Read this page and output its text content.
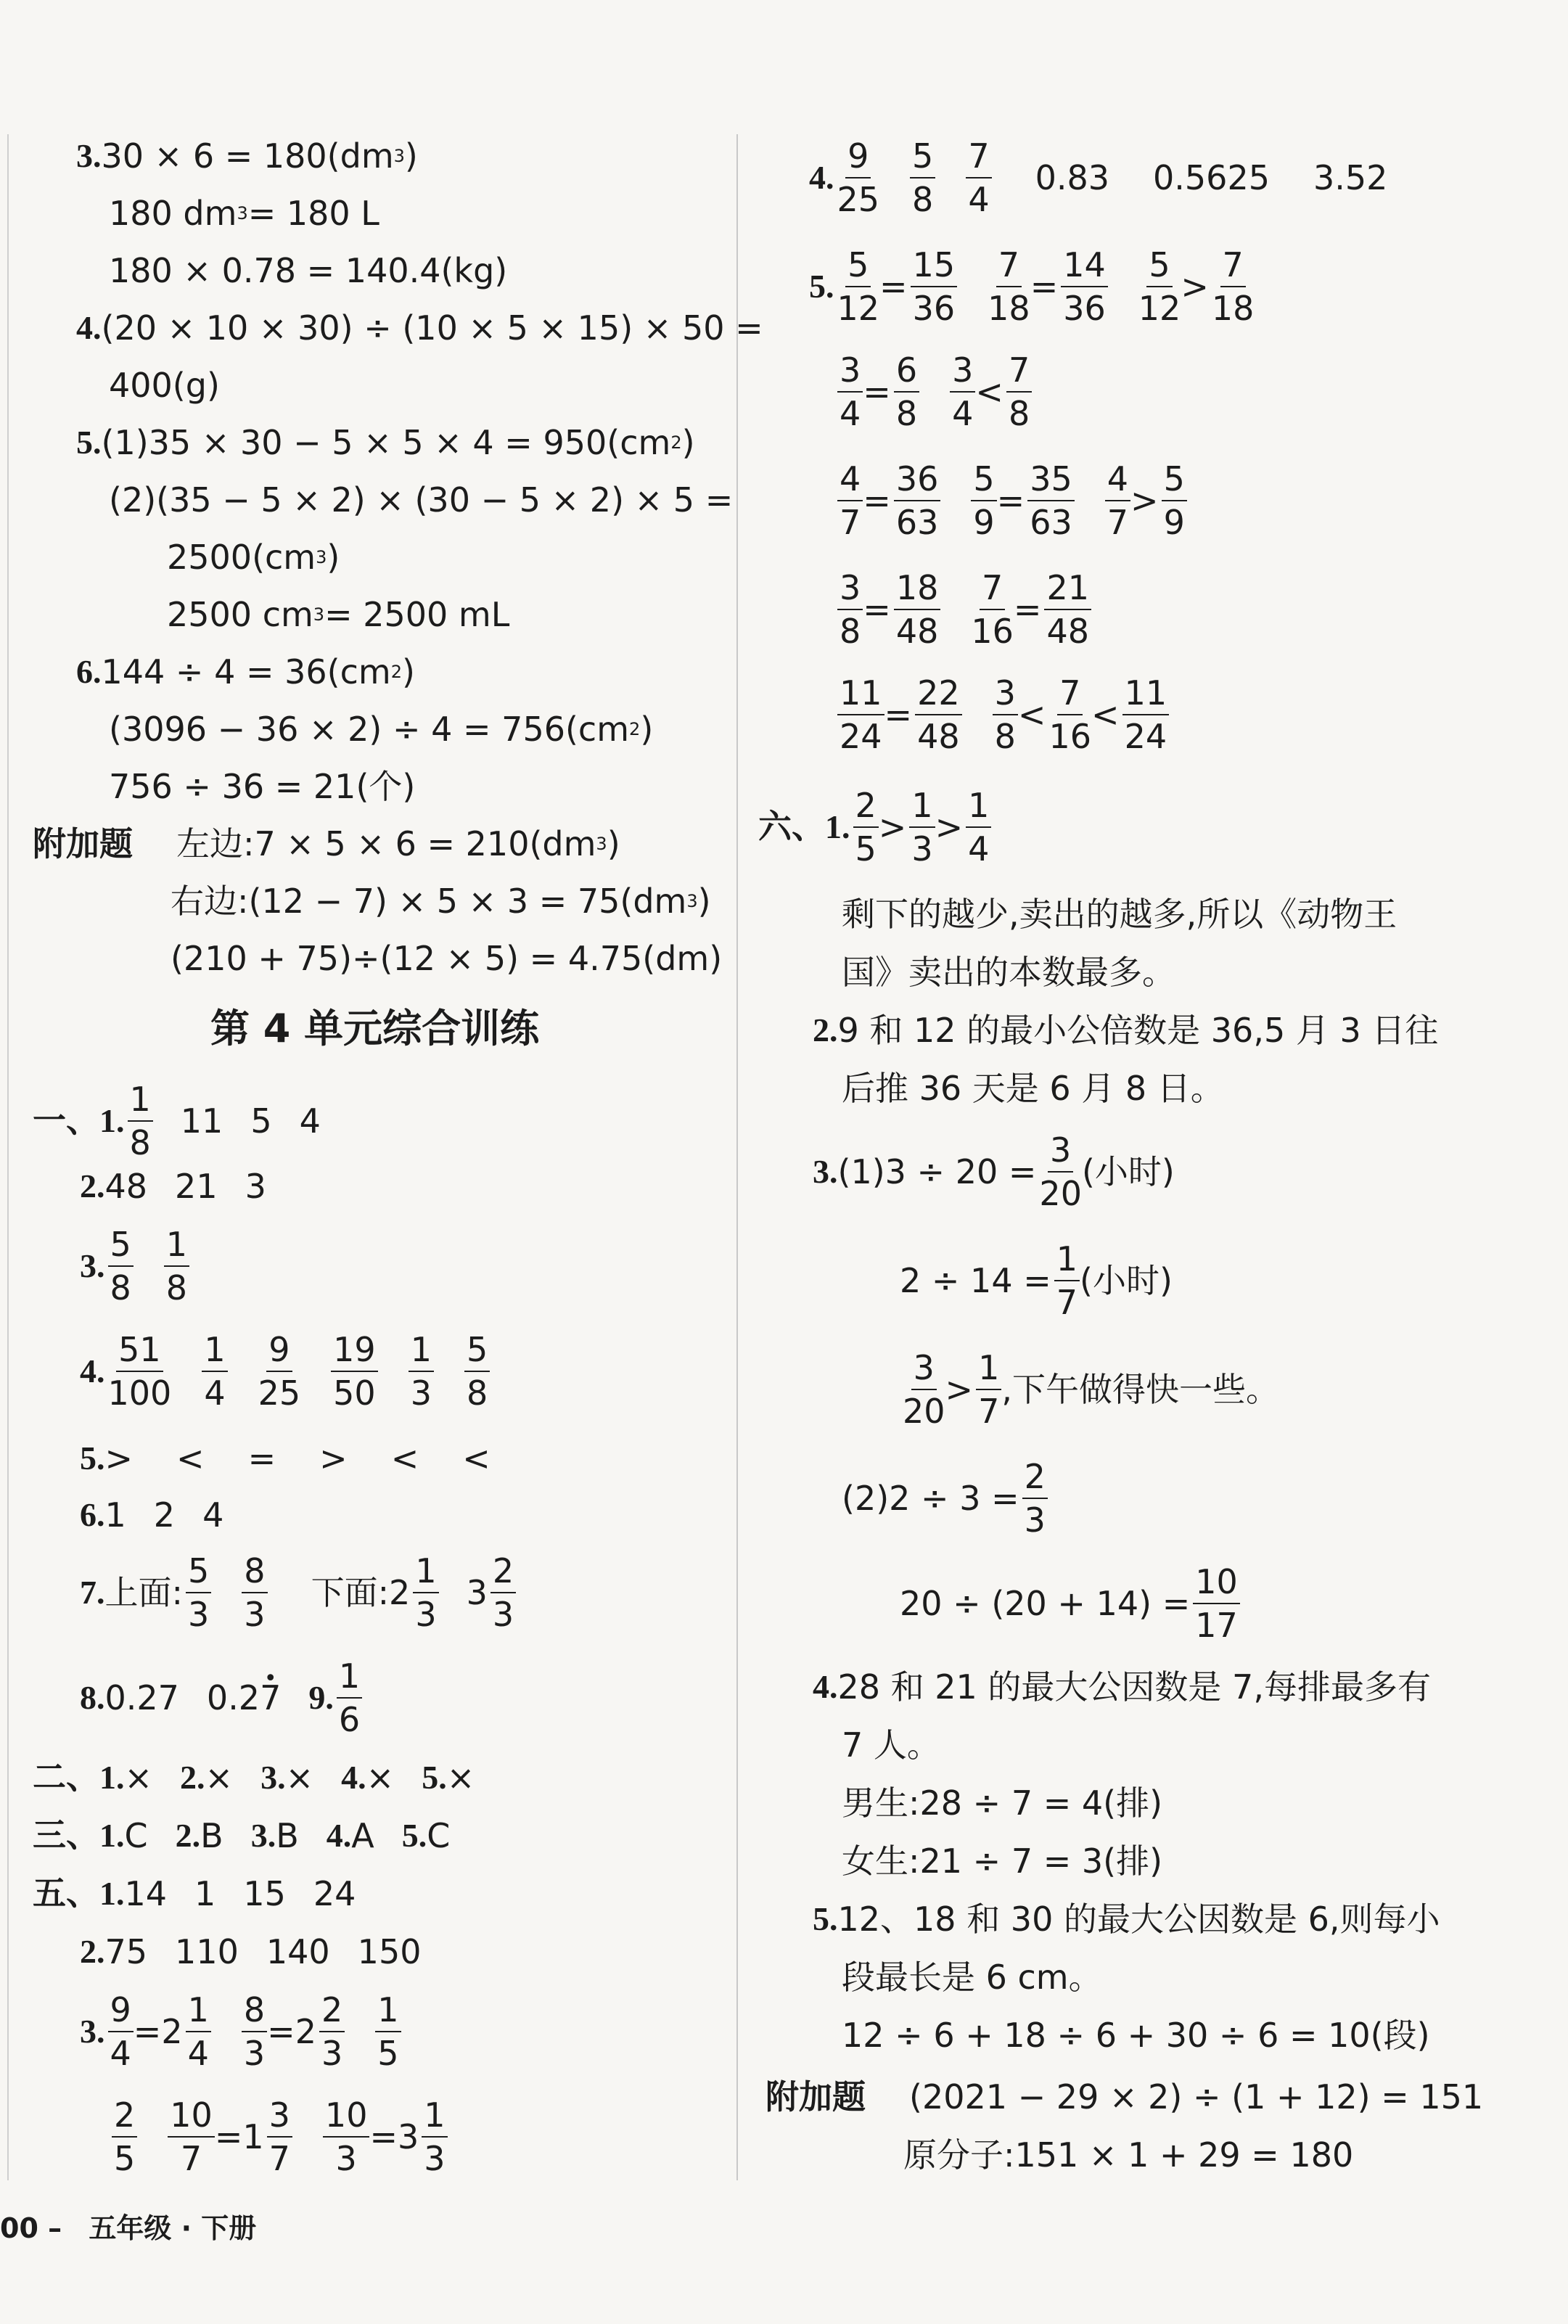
3. 30 × 6 = 180(dm 3 )
180 dm 3 = 180 L
180 × 0.78 = 140.4(kg)
4. (20 × 10 × 30) ÷ (10 × 5 × 15) × 50 =
400(g)
5. (1)35 × 30 − 5 × 5 × 4 = 950(cm 2 )
(2)(35 − 5 × 2) × (30 − 5 × 2) × 5 =
2500(cm 3 )
2500 cm 3 = 2500 mL
6. 144 ÷ 4 = 36(cm 2 )
(3096 − 36 × 2) ÷ 4 = 756(cm 2 )
756 ÷ 36 = 21(个)
附加题 左边:7 × 5 × 6 = 210(dm 3 )
右边:(12 − 7) × 5 × 3 = 75(dm 3 )
(210 + 75)÷(12 × 5) = 4.75(dm)
第 4 单元综合训练
一、1. $\frac{1}{8} 11$ 5 4
2. 48 21 3
3. $\frac{5}{8} \frac{1}{8}$
4. $\frac{51}{100} \frac{1}{4} \frac{9}{25} \frac{19}{50} \frac{1}{3} \frac{5}{8}$
5. > < = > < <
6. 1 2 4
7. 上面: $\frac{5}{3} \frac{8}{3}$ 下面:2 $\frac{1}{3} 3 \frac{2}{3}$
8. 0.27 0.2
• 7 9. $\frac{1}{6}$
二、1. × 2. × 3. × 4. × 5. ×
三、1. C 2. B 3. B 4. A 5. C
五、1. 14 1 15 24
2. 75 110 140 150
3. $\frac{9}{4} =2 \frac{1}{4} \frac{8}{3} =2 \frac{2}{3} \frac{1}{5}$
$\frac{2}{5} \frac{10}{7} =1 \frac{3}{7} \frac{10}{3} =3 \frac{1}{3}$
4. $\frac{9}{25} \frac{5}{8} \frac{7}{4} 0.83$ 0.5625 3.52
5. $\frac{5}{12} = \frac{15}{36} \frac{7}{18} = \frac{14}{36} \frac{5}{12} > \frac{7}{18}$
$\frac{3}{4} = \frac{6}{8} \frac{3}{4} < \frac{7}{8}$
$\frac{4}{7} = \frac{36}{63} \frac{5}{9} = \frac{35}{63} \frac{4}{7} > \frac{5}{9}$
$\frac{3}{8} = \frac{18}{48} \frac{7}{16} = \frac{21}{48}$
$\frac{11}{24} = \frac{22}{48} \frac{3}{8} < \frac{7}{16} < \frac{11}{24}$
六、1. $\frac{2}{5} > \frac{1}{3} > \frac{1}{4}$
剩下的越少,卖出的越多,所以《动物王
国》卖出的本数最多。
2. 9 和 12 的最小公倍数是 36,5 月 3 日往
后推 36 天是 6 月 8 日。
3. $(1)3 \div 20 = \frac{3}{20}$ (小时)
$2 \div 14 = \frac{1}{7}$ (小时)
$\frac{3}{20} > \frac{1}{7}$ ,下午做得快一些。
$(2)2 \div 3 = \frac{2}{3}$
$20 \div (20 + 14) = \frac{10}{17}$
4. 28 和 21 的最大公因数是 7,每排最多有
7 人。
男生:28 ÷ 7 = 4(排)
女生:21 ÷ 7 = 3(排)
5. 12、18 和 30 的最大公因数是 6,则每小
段最长是 6 cm。
12 ÷ 6 + 18 ÷ 6 + 30 ÷ 6 = 10(段)
附加题 (2021 − 29 × 2) ÷ (1 + 12) = 151
原分子:151 × 1 + 29 = 180
00 – 五年级 · 下册
